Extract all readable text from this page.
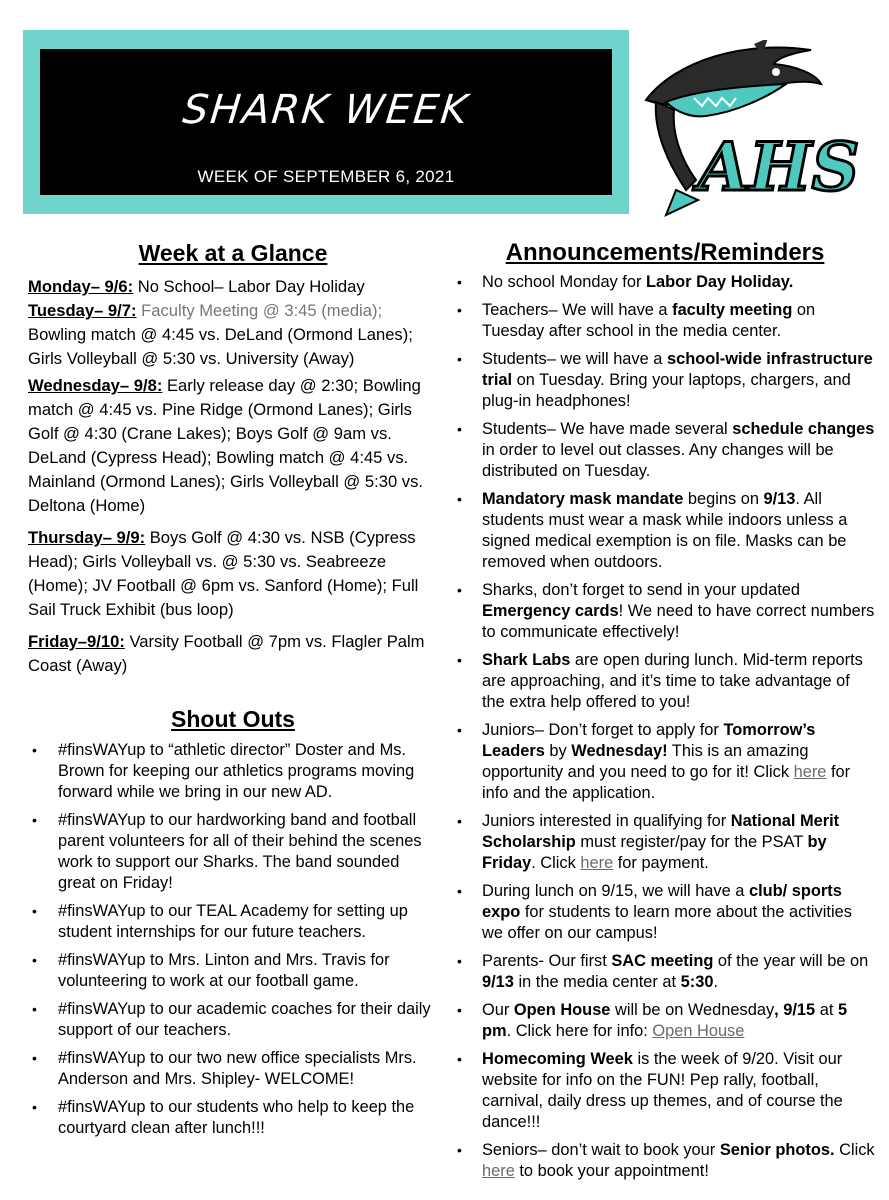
SHARK WEEK
WEEK OF SEPTEMBER 6, 2021	AHS
Week at a Glance

Monday– 9/6: No School– Labor Day Holiday

Tuesday– 9/7: Faculty Meeting @ 3:45 (media); Bowling match @ 4:45 vs. DeLand (Ormond Lanes); Girls Volleyball @ 5:30 vs. University (Away)

Wednesday– 9/8: Early release day @ 2:30; Bowling match @ 4:45 vs. Pine Ridge (Ormond Lanes); Girls Golf @ 4:30 (Crane Lakes); Boys Golf @ 9am vs. DeLand (Cypress Head); Bowling match @ 4:45 vs. Mainland (Ormond Lanes); Girls Volleyball @ 5:30 vs. Deltona (Home)

Thursday– 9/9: Boys Golf @ 4:30 vs. NSB (Cypress Head); Girls Volleyball vs. @ 5:30 vs. Seabreeze (Home); JV Football @ 6pm vs. Sanford (Home); Full Sail Truck Exhibit (bus loop)

Friday–9/10: Varsity Football @ 7pm vs. Flagler Palm Coast (Away)

Shout Outs
• #finsWAYup to “athletic director” Doster and Ms. Brown for keeping our athletics programs moving forward while we bring in our new AD.
• #finsWAYup to our hardworking band and football parent volunteers for all of their behind the scenes work to support our Sharks. The band sounded great on Friday!
• #finsWAYup to our TEAL Academy for setting up student internships for our future teachers.
• #finsWAYup to Mrs. Linton and Mrs. Travis for volunteering to work at our football game.
• #finsWAYup to our academic coaches for their daily support of our teachers.
• #finsWAYup to our two new office specialists Mrs. Anderson and Mrs. Shipley- WELCOME!
• #finsWAYup to our students who help to keep the courtyard clean after lunch!!!
Announcements/Reminders
• No school Monday for Labor Day Holiday.
• Teachers– We will have a faculty meeting on Tuesday after school in the media center.
• Students– we will have a school-wide infrastructure trial on Tuesday. Bring your laptops, chargers, and plug-in headphones!
• Students– We have made several schedule changes in order to level out classes. Any changes will be distributed on Tuesday.
• Mandatory mask mandate begins on 9/13. All students must wear a mask while indoors unless a signed medical exemption is on file. Masks can be removed when outdoors.
• Sharks, don’t forget to send in your updated Emergency cards! We need to have correct numbers to communicate effectively!
• Shark Labs are open during lunch. Mid-term reports are approaching, and it’s time to take advantage of the extra help offered to you!
• Juniors– Don’t forget to apply for Tomorrow’s Leaders by Wednesday! This is an amazing opportunity and you need to go for it! Click here for info and the application.
• Juniors interested in qualifying for National Merit Scholarship must register/pay for the PSAT by Friday. Click here for payment.
• During lunch on 9/15, we will have a club/ sports expo for students to learn more about the activities we offer on our campus!
• Parents- Our first SAC meeting of the year will be on 9/13 in the media center at 5:30.
• Our Open House will be on Wednesday, 9/15 at 5 pm. Click here for info: Open House
• Homecoming Week is the week of 9/20. Visit our website for info on the FUN! Pep rally, football, carnival, daily dress up themes, and of course the dance!!!
• Seniors– don’t wait to book your Senior photos. Click here to book your appointment!
